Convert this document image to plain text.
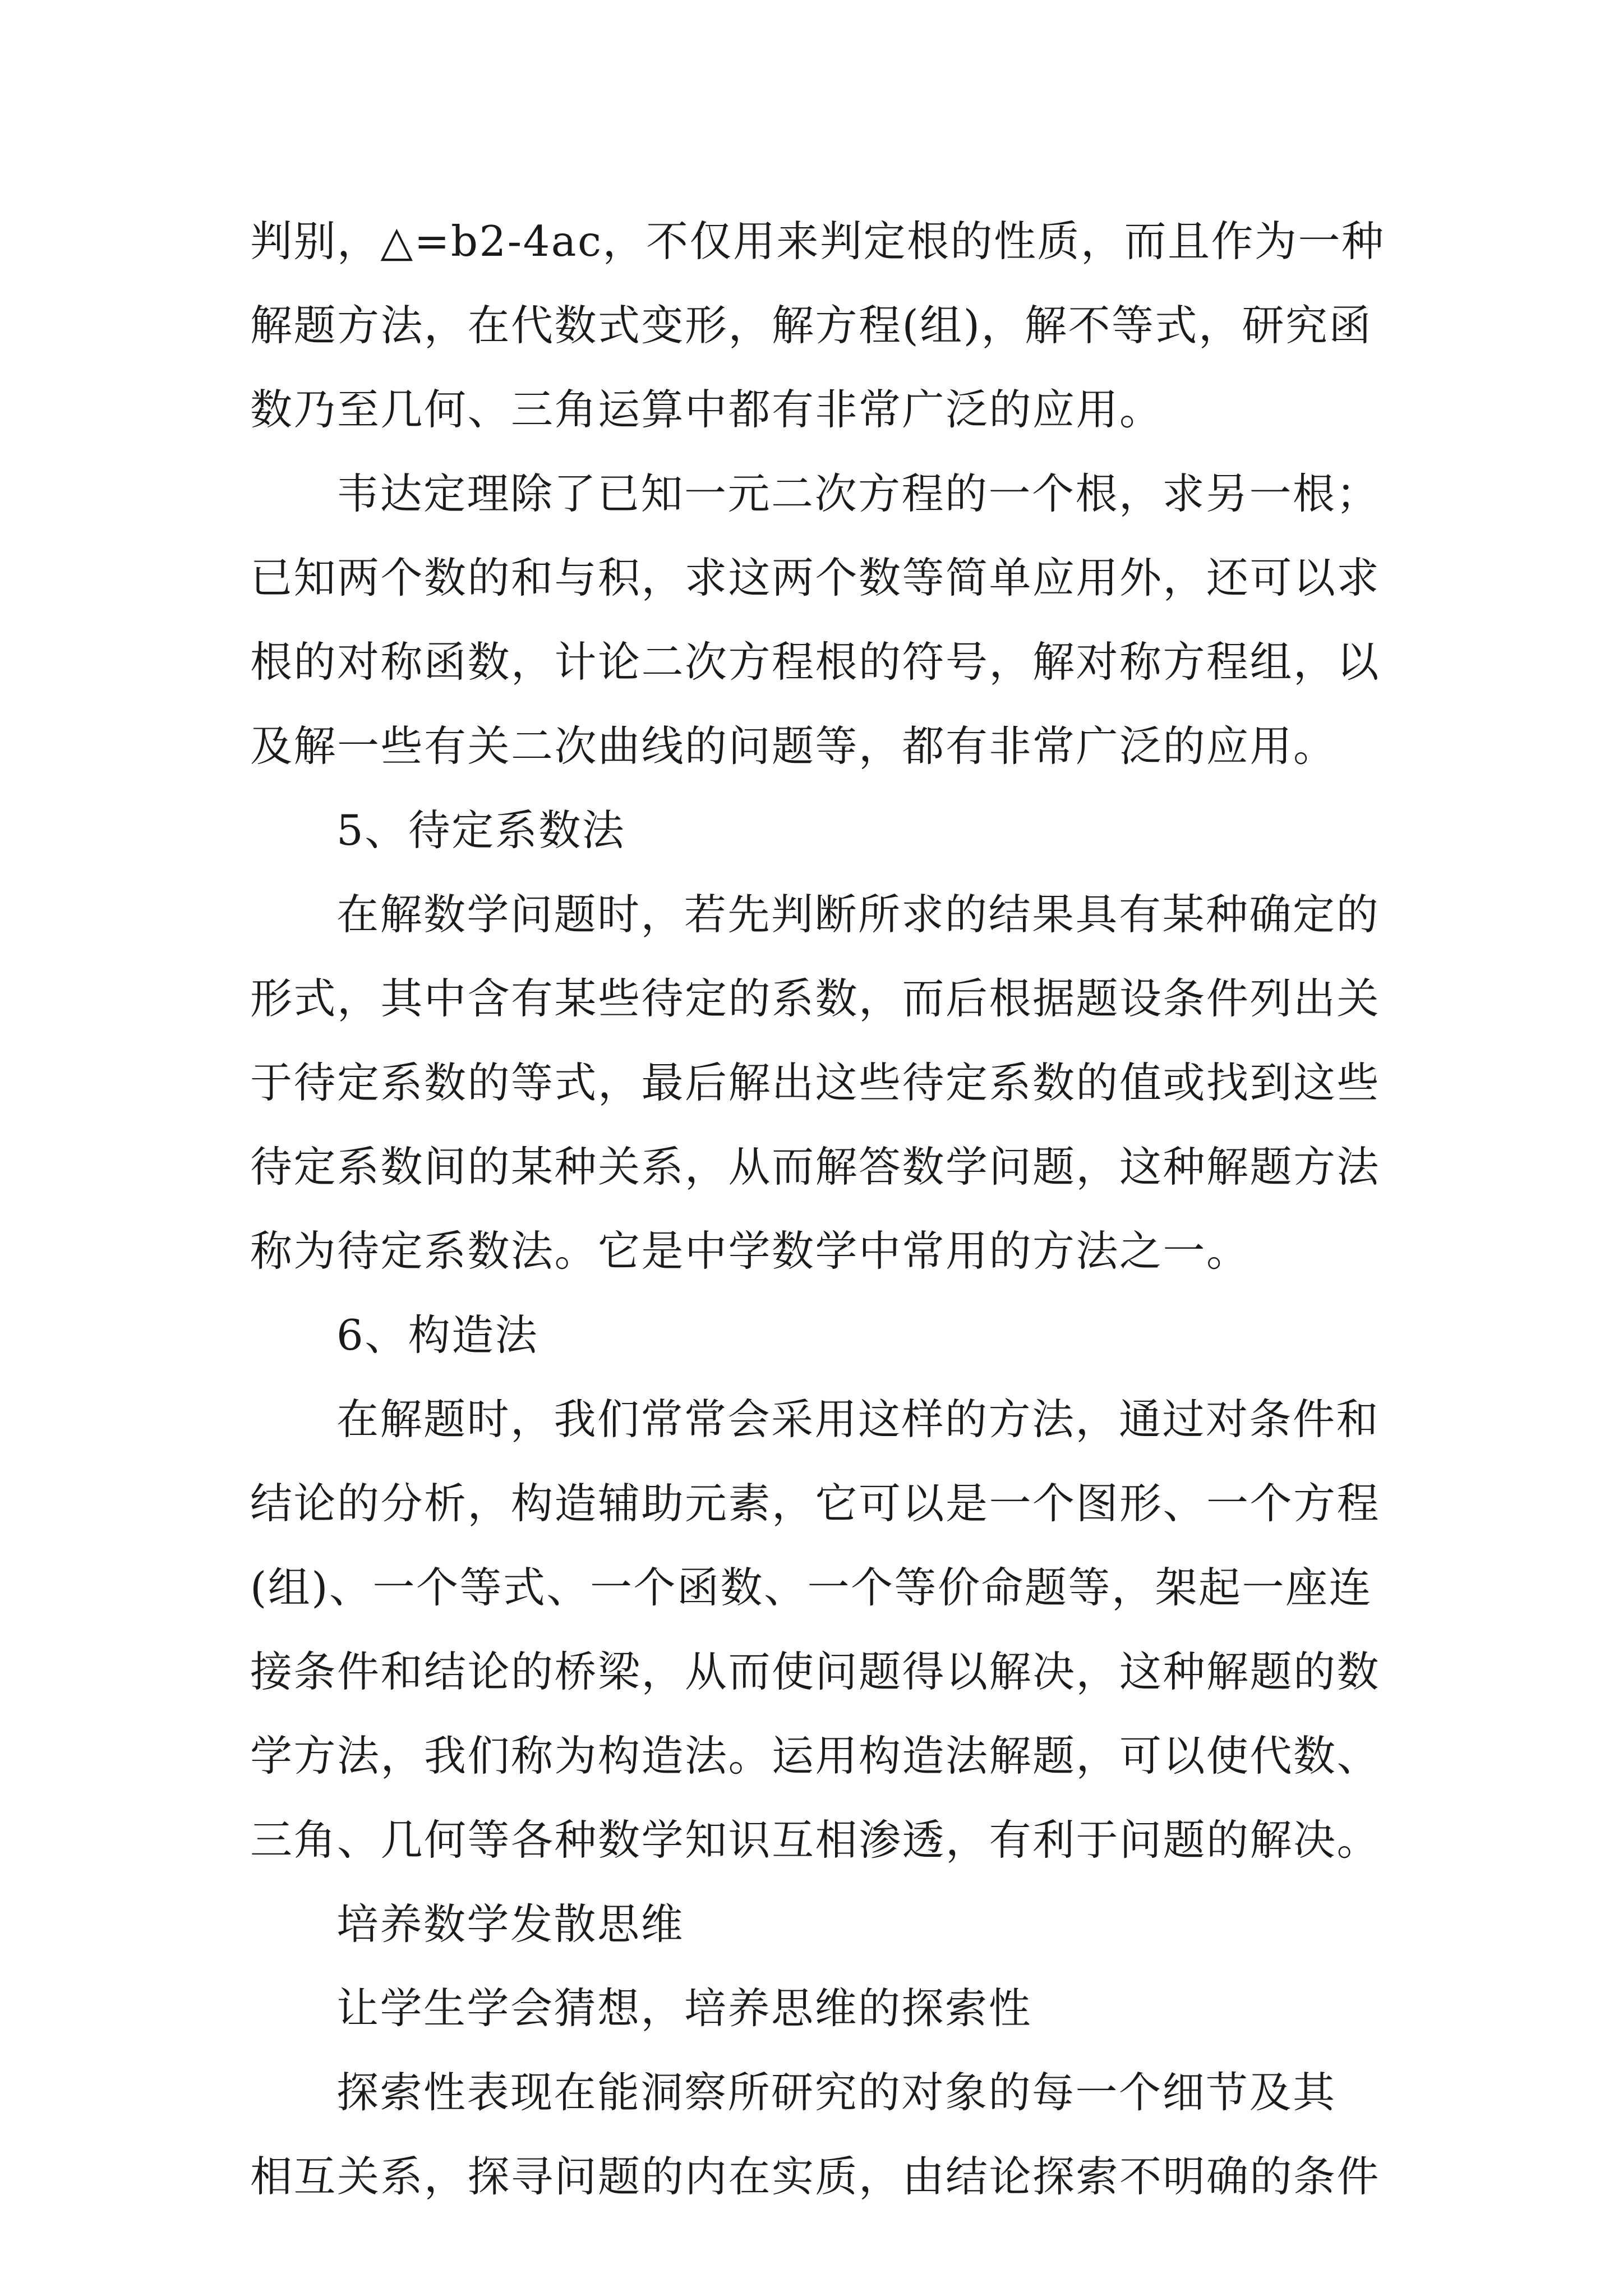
判别，△=b2-4ac，不仅用来判定根的性质，而且作为一种
解题方法，在代数式变形，解方程(组)，解不等式，研究函
数乃至几何、三角运算中都有非常广泛的应用。
韦达定理除了已知一元二次方程的一个根，求另一根；
已知两个数的和与积，求这两个数等简单应用外，还可以求
根的对称函数，计论二次方程根的符号，解对称方程组，以
及解一些有关二次曲线的问题等，都有非常广泛的应用。
5、待定系数法
在解数学问题时，若先判断所求的结果具有某种确定的
形式，其中含有某些待定的系数，而后根据题设条件列出关
于待定系数的等式，最后解出这些待定系数的值或找到这些
待定系数间的某种关系，从而解答数学问题，这种解题方法
称为待定系数法。它是中学数学中常用的方法之一。
6、构造法
在解题时，我们常常会采用这样的方法，通过对条件和
结论的分析，构造辅助元素，它可以是一个图形、一个方程
(组)、一个等式、一个函数、一个等价命题等，架起一座连
接条件和结论的桥梁，从而使问题得以解决，这种解题的数
学方法，我们称为构造法。运用构造法解题，可以使代数、
三角、几何等各种数学知识互相渗透，有利于问题的解决。
培养数学发散思维
让学生学会猜想，培养思维的探索性
探索性表现在能洞察所研究的对象的每一个细节及其
相互关系，探寻问题的内在实质，由结论探索不明确的条件
